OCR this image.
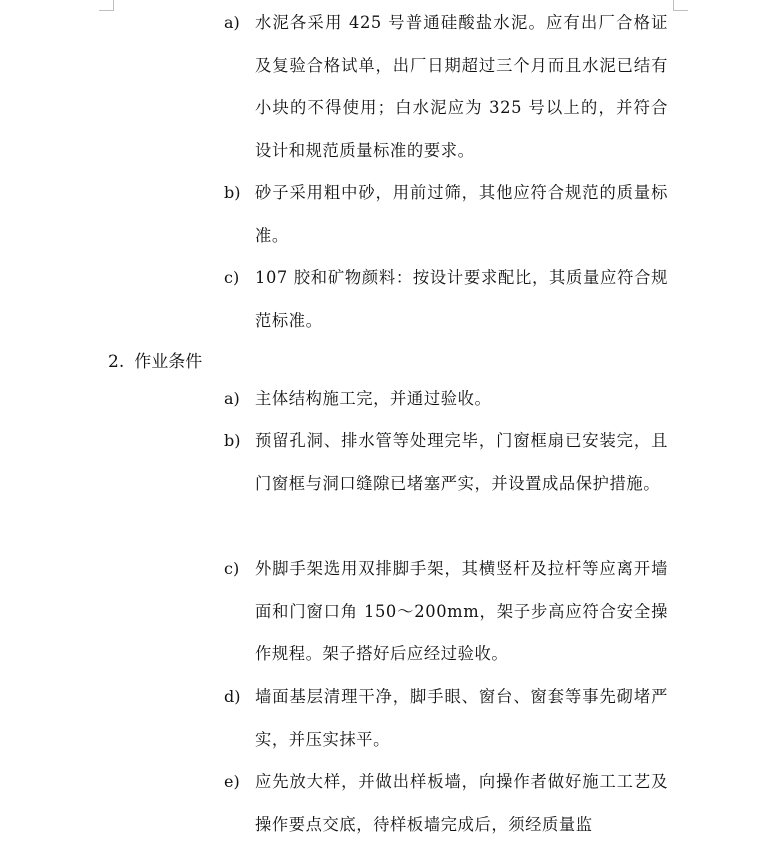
a) 水泥各采用 425 号普通硅酸盐水泥。应有出厂合格证及复验合格试单，出厂日期超过三个月而且水泥已结有小块的不得使用；白水泥应为 325 号以上的，并符合设计和规范质量标准的要求。
b) 砂子采用粗中砂，用前过筛，其他应符合规范的质量标准。
c) 107 胶和矿物颜料：按设计要求配比，其质量应符合规范标准。
2. 作业条件
a) 主体结构施工完，并通过验收。
b) 预留孔洞、排水管等处理完毕，门窗框扇已安装完，且门窗框与洞口缝隙已堵塞严实，并设置成品保护措施。
c) 外脚手架选用双排脚手架，其横竖杆及拉杆等应离开墙面和门窗口角 150～200mm，架子步高应符合安全操作规程。架子搭好后应经过验收。
d) 墙面基层清理干净，脚手眼、窗台、窗套等事先砌堵严实，并压实抹平。
e) 应先放大样，并做出样板墙，向操作者做好施工工艺及操作要点交底，待样板墙完成后，须经质量监
